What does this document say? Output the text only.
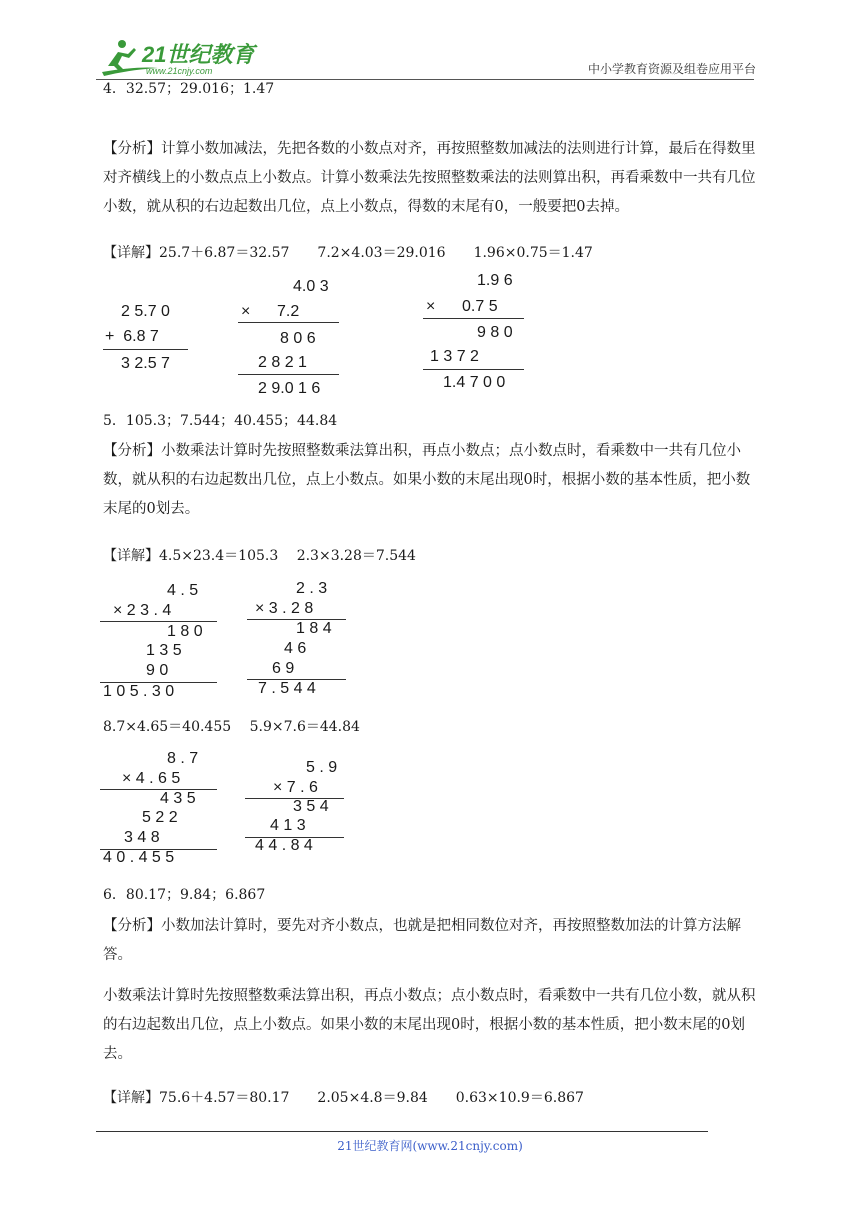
21世纪教育
www.21cnjy.com	中小学教育资源及组卷应用平台
4．32.57；29.016；1.47
【分析】计算小数加减法，先把各数的小数点对齐，再按照整数加减法的法则进行计算，最后在得数里对齐横线上的小数点点上小数点。计算小数乘法先按照整数乘法的法则算出积，再看乘数中一共有几位小数，就从积的右边起数出几位，点上小数点，得数的末尾有0，一般要把0去掉。
【详解】25.7＋6.87＝32.57　　7.2×4.03＝29.016　　1.96×0.75＝1.47
2 5.7 0
+  6.8 7
3 2.5 7
4.0 3
×      7.2
8 0 6
2 8 2 1
2 9.0 1 6
1.9 6
×      0.7 5
9 8 0
1 3 7 2
1.4 7 0 0
5．105.3；7.544；40.455；44.84
【分析】小数乘法计算时先按照整数乘法算出积，再点小数点；点小数点时，看乘数中一共有几位小数，就从积的右边起数出几位，点上小数点。如果小数的末尾出现0时，根据小数的基本性质，把小数末尾的0划去。
【详解】4.5×23.4＝105.3　 2.3×3.28＝7.544
4 . 5
× 2 3 . 4
1 8 0
1 3 5
9 0
1 0 5 . 3 0
2 . 3
× 3 . 2 8
1 8 4
4 6
6 9
7 . 5 4 4
8.7×4.65＝40.455　 5.9×7.6＝44.84
8 . 7
× 4 . 6 5
4 3 5
5 2 2
3 4 8
4 0 . 4 5 5
5 . 9
× 7 . 6
3 5 4
4 1 3
4 4 . 8 4
6．80.17；9.84；6.867
【分析】小数加法计算时，要先对齐小数点，也就是把相同数位对齐，再按照整数加法的计算方法解答。
小数乘法计算时先按照整数乘法算出积，再点小数点；点小数点时，看乘数中一共有几位小数，就从积的右边起数出几位，点上小数点。如果小数的末尾出现0时，根据小数的基本性质，把小数末尾的0划去。
【详解】75.6＋4.57＝80.17　　2.05×4.8＝9.84　　0.63×10.9＝6.867
21世纪教育网(www.21cnjy.com)
